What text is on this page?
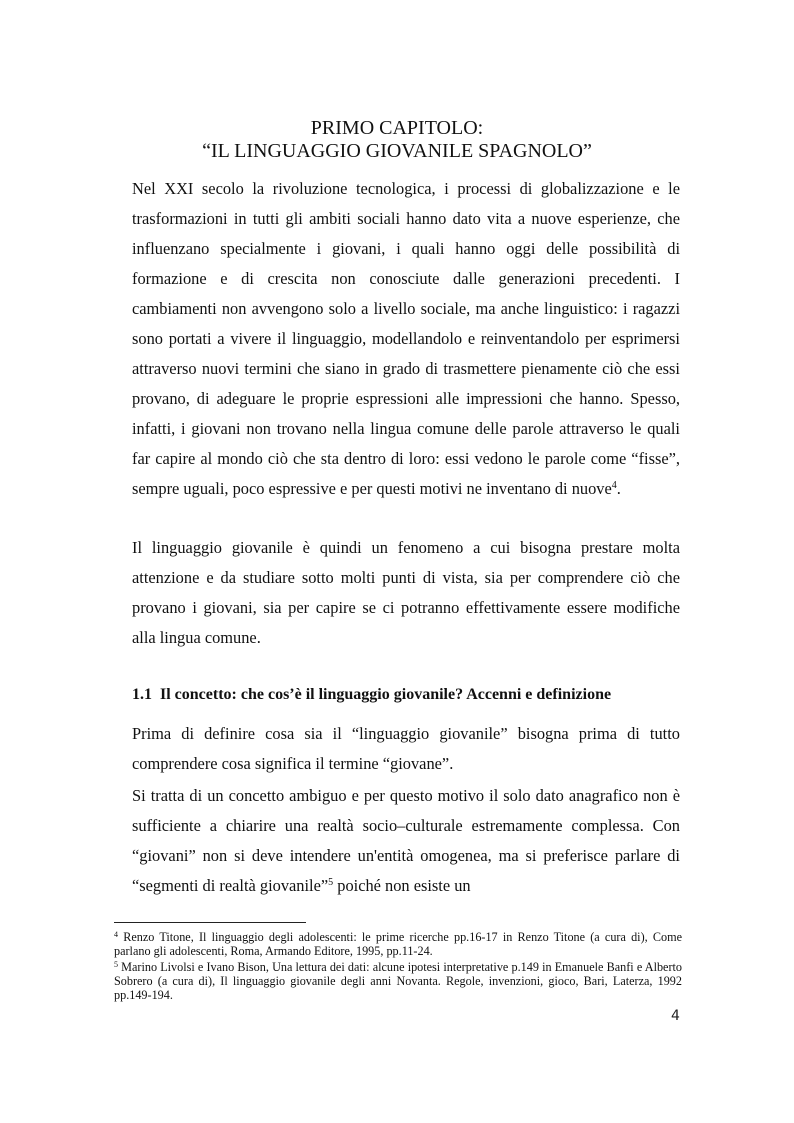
PRIMO CAPITOLO:
“IL LINGUAGGIO GIOVANILE SPAGNOLO”

Nel XXI secolo la rivoluzione tecnologica, i processi di globalizzazione e le trasformazioni in tutti gli ambiti sociali hanno dato vita a nuove esperienze, che influenzano specialmente i giovani, i quali hanno oggi delle possibilità di formazione e di crescita non conosciute dalle generazioni precedenti. I cambiamenti non avvengono solo a livello sociale, ma anche linguistico: i ragazzi sono portati a vivere il linguaggio, modellandolo e reinventandolo per esprimersi attraverso nuovi termini che siano in grado di trasmettere pienamente ciò che essi provano, di adeguare le proprie espressioni alle impressioni che hanno. Spesso, infatti, i giovani non trovano nella lingua comune delle parole attraverso le quali far capire al mondo ciò che sta dentro di loro: essi vedono le parole come “fisse”, sempre uguali, poco espressive e per questi motivi ne inventano di nuove$^4$.

Il linguaggio giovanile è quindi un fenomeno a cui bisogna prestare molta attenzione e da studiare sotto molti punti di vista, sia per comprendere ciò che provano i giovani, sia per capire se ci potranno effettivamente essere modifiche alla lingua comune.

1.1 Il concetto: che cos’è il linguaggio giovanile? Accenni e definizione

Prima di definire cosa sia il “linguaggio giovanile” bisogna prima di tutto comprendere cosa significa il termine “giovane”.

Si tratta di un concetto ambiguo e per questo motivo il solo dato anagrafico non è sufficiente a chiarire una realtà socio–culturale estremamente complessa. Con “giovani” non si deve intendere un'entità omogenea, ma si preferisce parlare di “segmenti di realtà giovanile”$^5$ poiché non esiste un

$^4$ Renzo Titone, Il linguaggio degli adolescenti: le prime ricerche pp.16-17 in Renzo Titone (a cura di), Come parlano gli adolescenti, Roma, Armando Editore, 1995, pp.11-24.

$^5$ Marino Livolsi e Ivano Bison, Una lettura dei dati: alcune ipotesi interpretative p.149 in Emanuele Banfi e Alberto Sobrero (a cura di), Il linguaggio giovanile degli anni Novanta. Regole, invenzioni, gioco, Bari, Laterza, 1992 pp.149-194.

4
